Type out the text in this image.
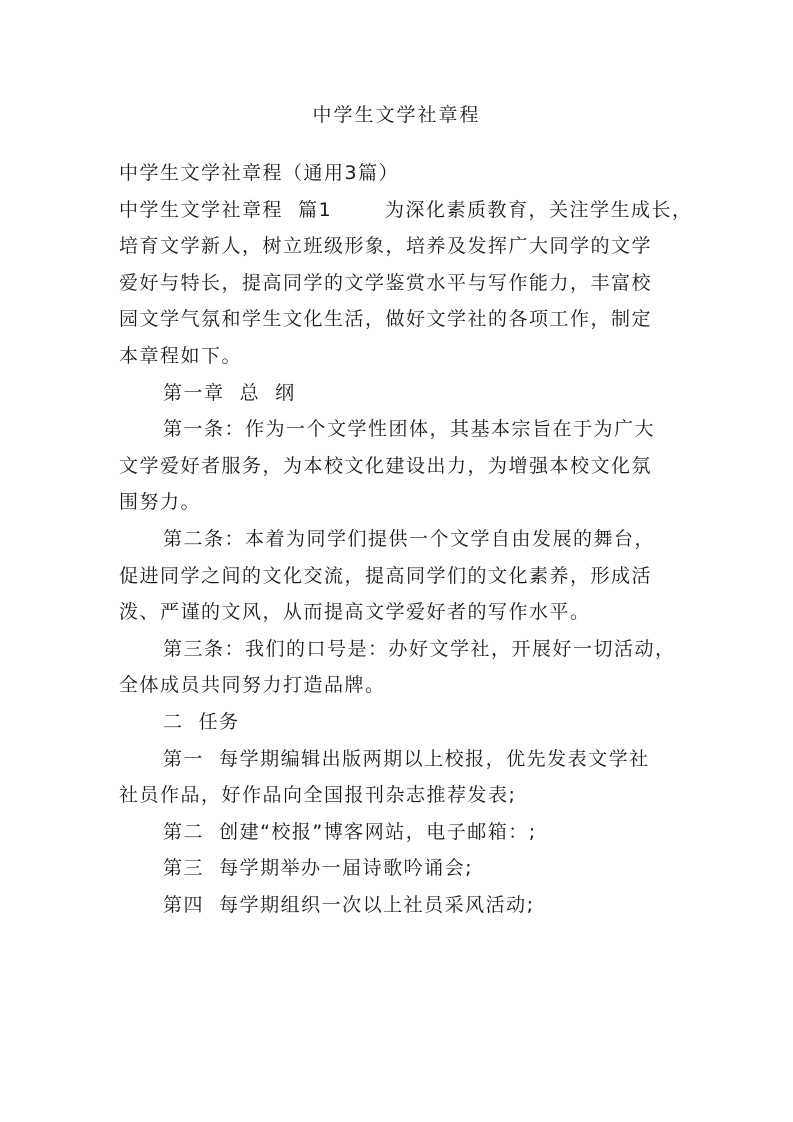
中学生文学社章程
中学生文学社章程（通用3篇）
中学生文学社章程  篇1       为深化素质教育，关注学生成长，
培育文学新人，树立班级形象，培养及发挥广大同学的文学
爱好与特长，提高同学的文学鉴赏水平与写作能力，丰富校
园文学气氛和学生文化生活，做好文学社的各项工作，制定
本章程如下。
第一章  总  纲
第一条：作为一个文学性团体，其基本宗旨在于为广大
文学爱好者服务，为本校文化建设出力，为增强本校文化氛
围努力。
第二条：本着为同学们提供一个文学自由发展的舞台，
促进同学之间的文化交流，提高同学们的文化素养，形成活
泼、严谨的文风，从而提高文学爱好者的写作水平。
第三条：我们的口号是：办好文学社，开展好一切活动，
全体成员共同努力打造品牌。
二  任务
第一  每学期编辑出版两期以上校报，优先发表文学社
社员作品，好作品向全国报刊杂志推荐发表;
第二  创建“校报”博客网站，电子邮箱：;
第三  每学期举办一届诗歌吟诵会;
第四  每学期组织一次以上社员采风活动;
